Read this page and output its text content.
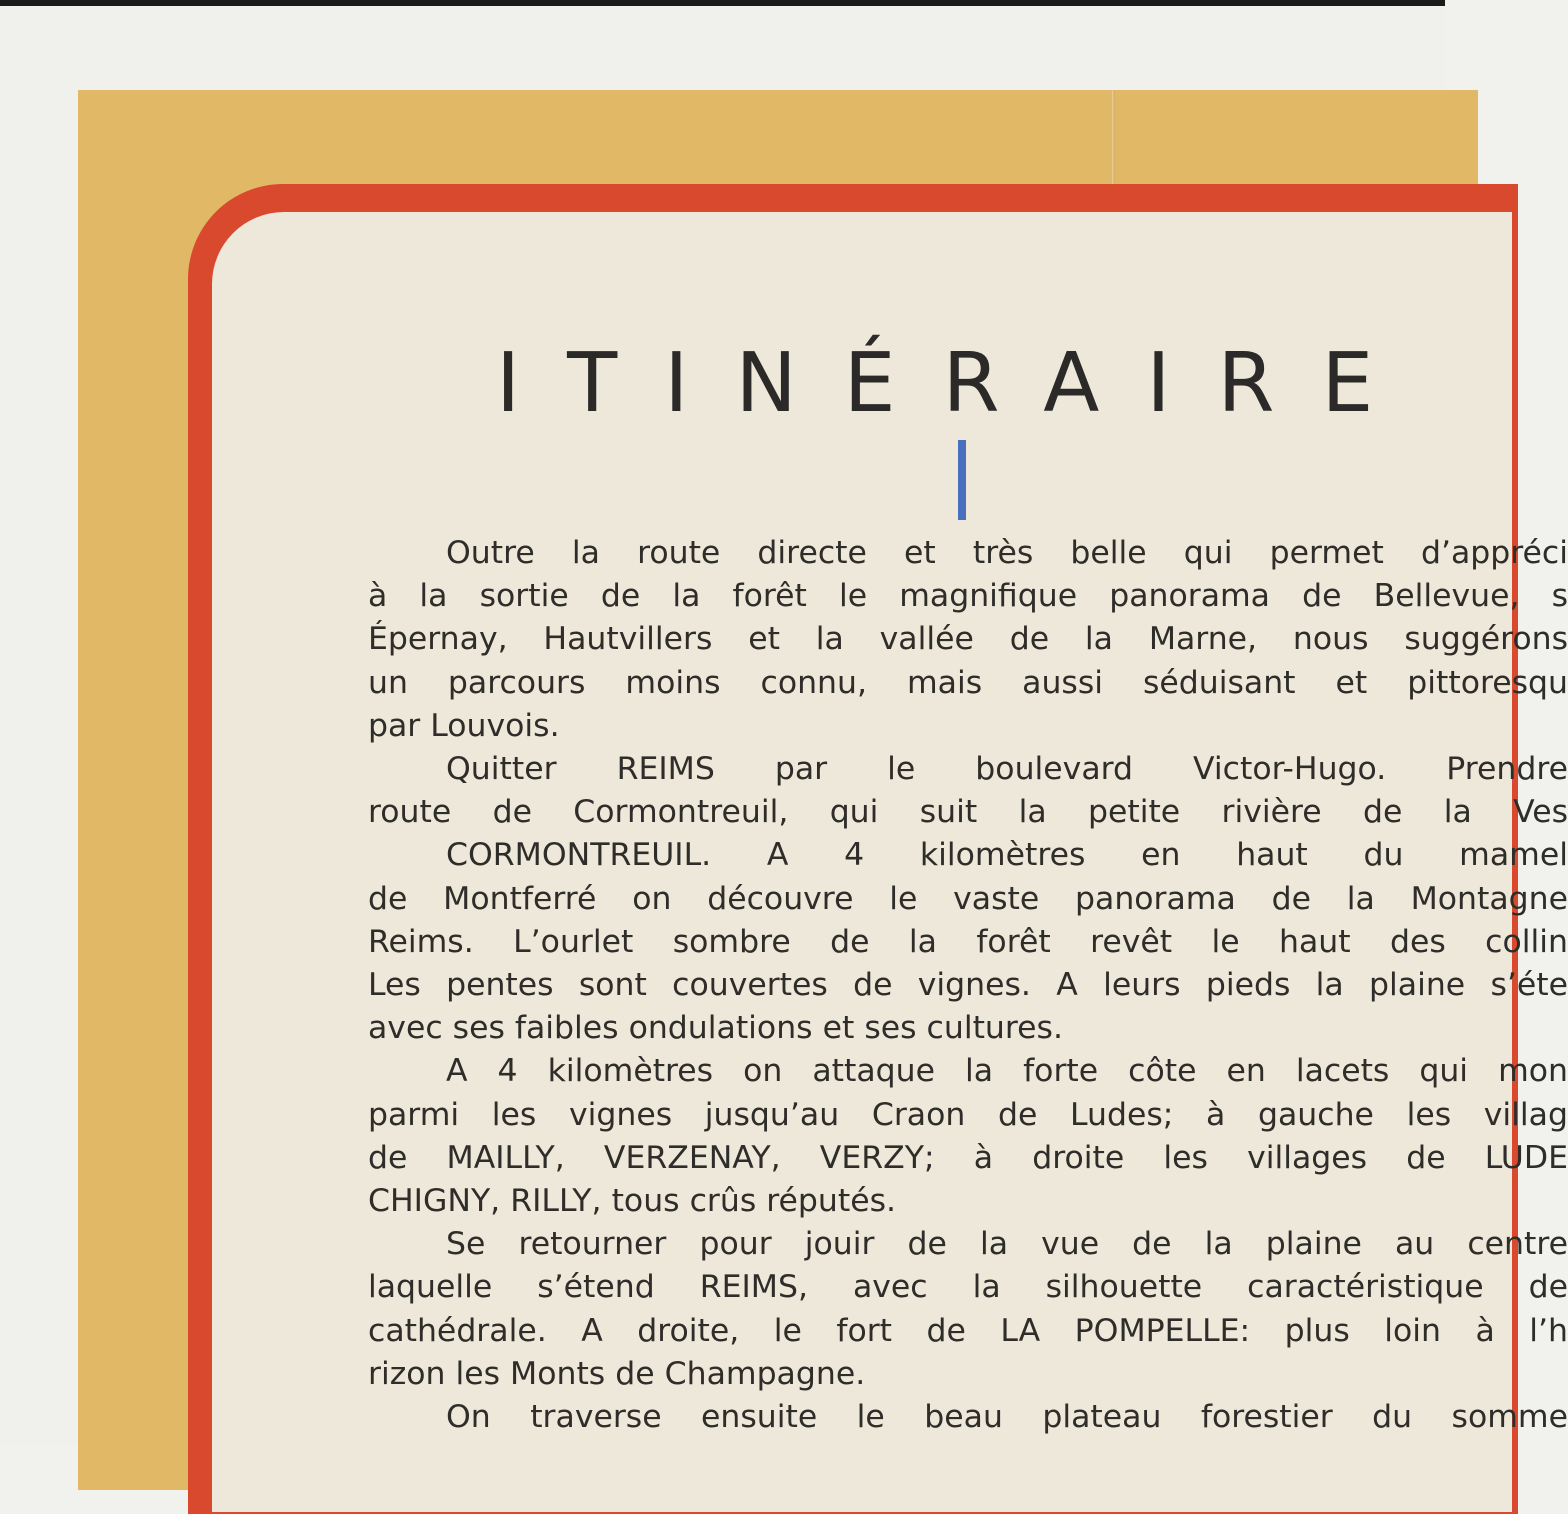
ITINÉRAIRE

Outre la route directe et très belle qui permet d’appréci
à la sortie de la forêt le magnifique panorama de Bellevue, s
Épernay, Hautvillers et la vallée de la Marne, nous suggérons
un parcours moins connu, mais aussi séduisant et pittoresqu
par Louvois.

Quitter REIMS par le boulevard Victor-Hugo. Prendre
route de Cormontreuil, qui suit la petite rivière de la Ves

CORMONTREUIL. A 4 kilomètres en haut du mamel
de Montferré on découvre le vaste panorama de la Montagne
Reims. L’ourlet sombre de la forêt revêt le haut des collin
Les pentes sont couvertes de vignes. A leurs pieds la plaine s’éte
avec ses faibles ondulations et ses cultures.

A 4 kilomètres on attaque la forte côte en lacets qui mon
parmi les vignes jusqu’au Craon de Ludes; à gauche les villag
de MAILLY, VERZENAY, VERZY; à droite les villages de LUDE
CHIGNY, RILLY, tous crûs réputés.

Se retourner pour jouir de la vue de la plaine au centre
laquelle s’étend REIMS, avec la silhouette caractéristique de
cathédrale. A droite, le fort de LA POMPELLE: plus loin à l’h
rizon les Monts de Champagne.

On traverse ensuite le beau plateau forestier du somme
